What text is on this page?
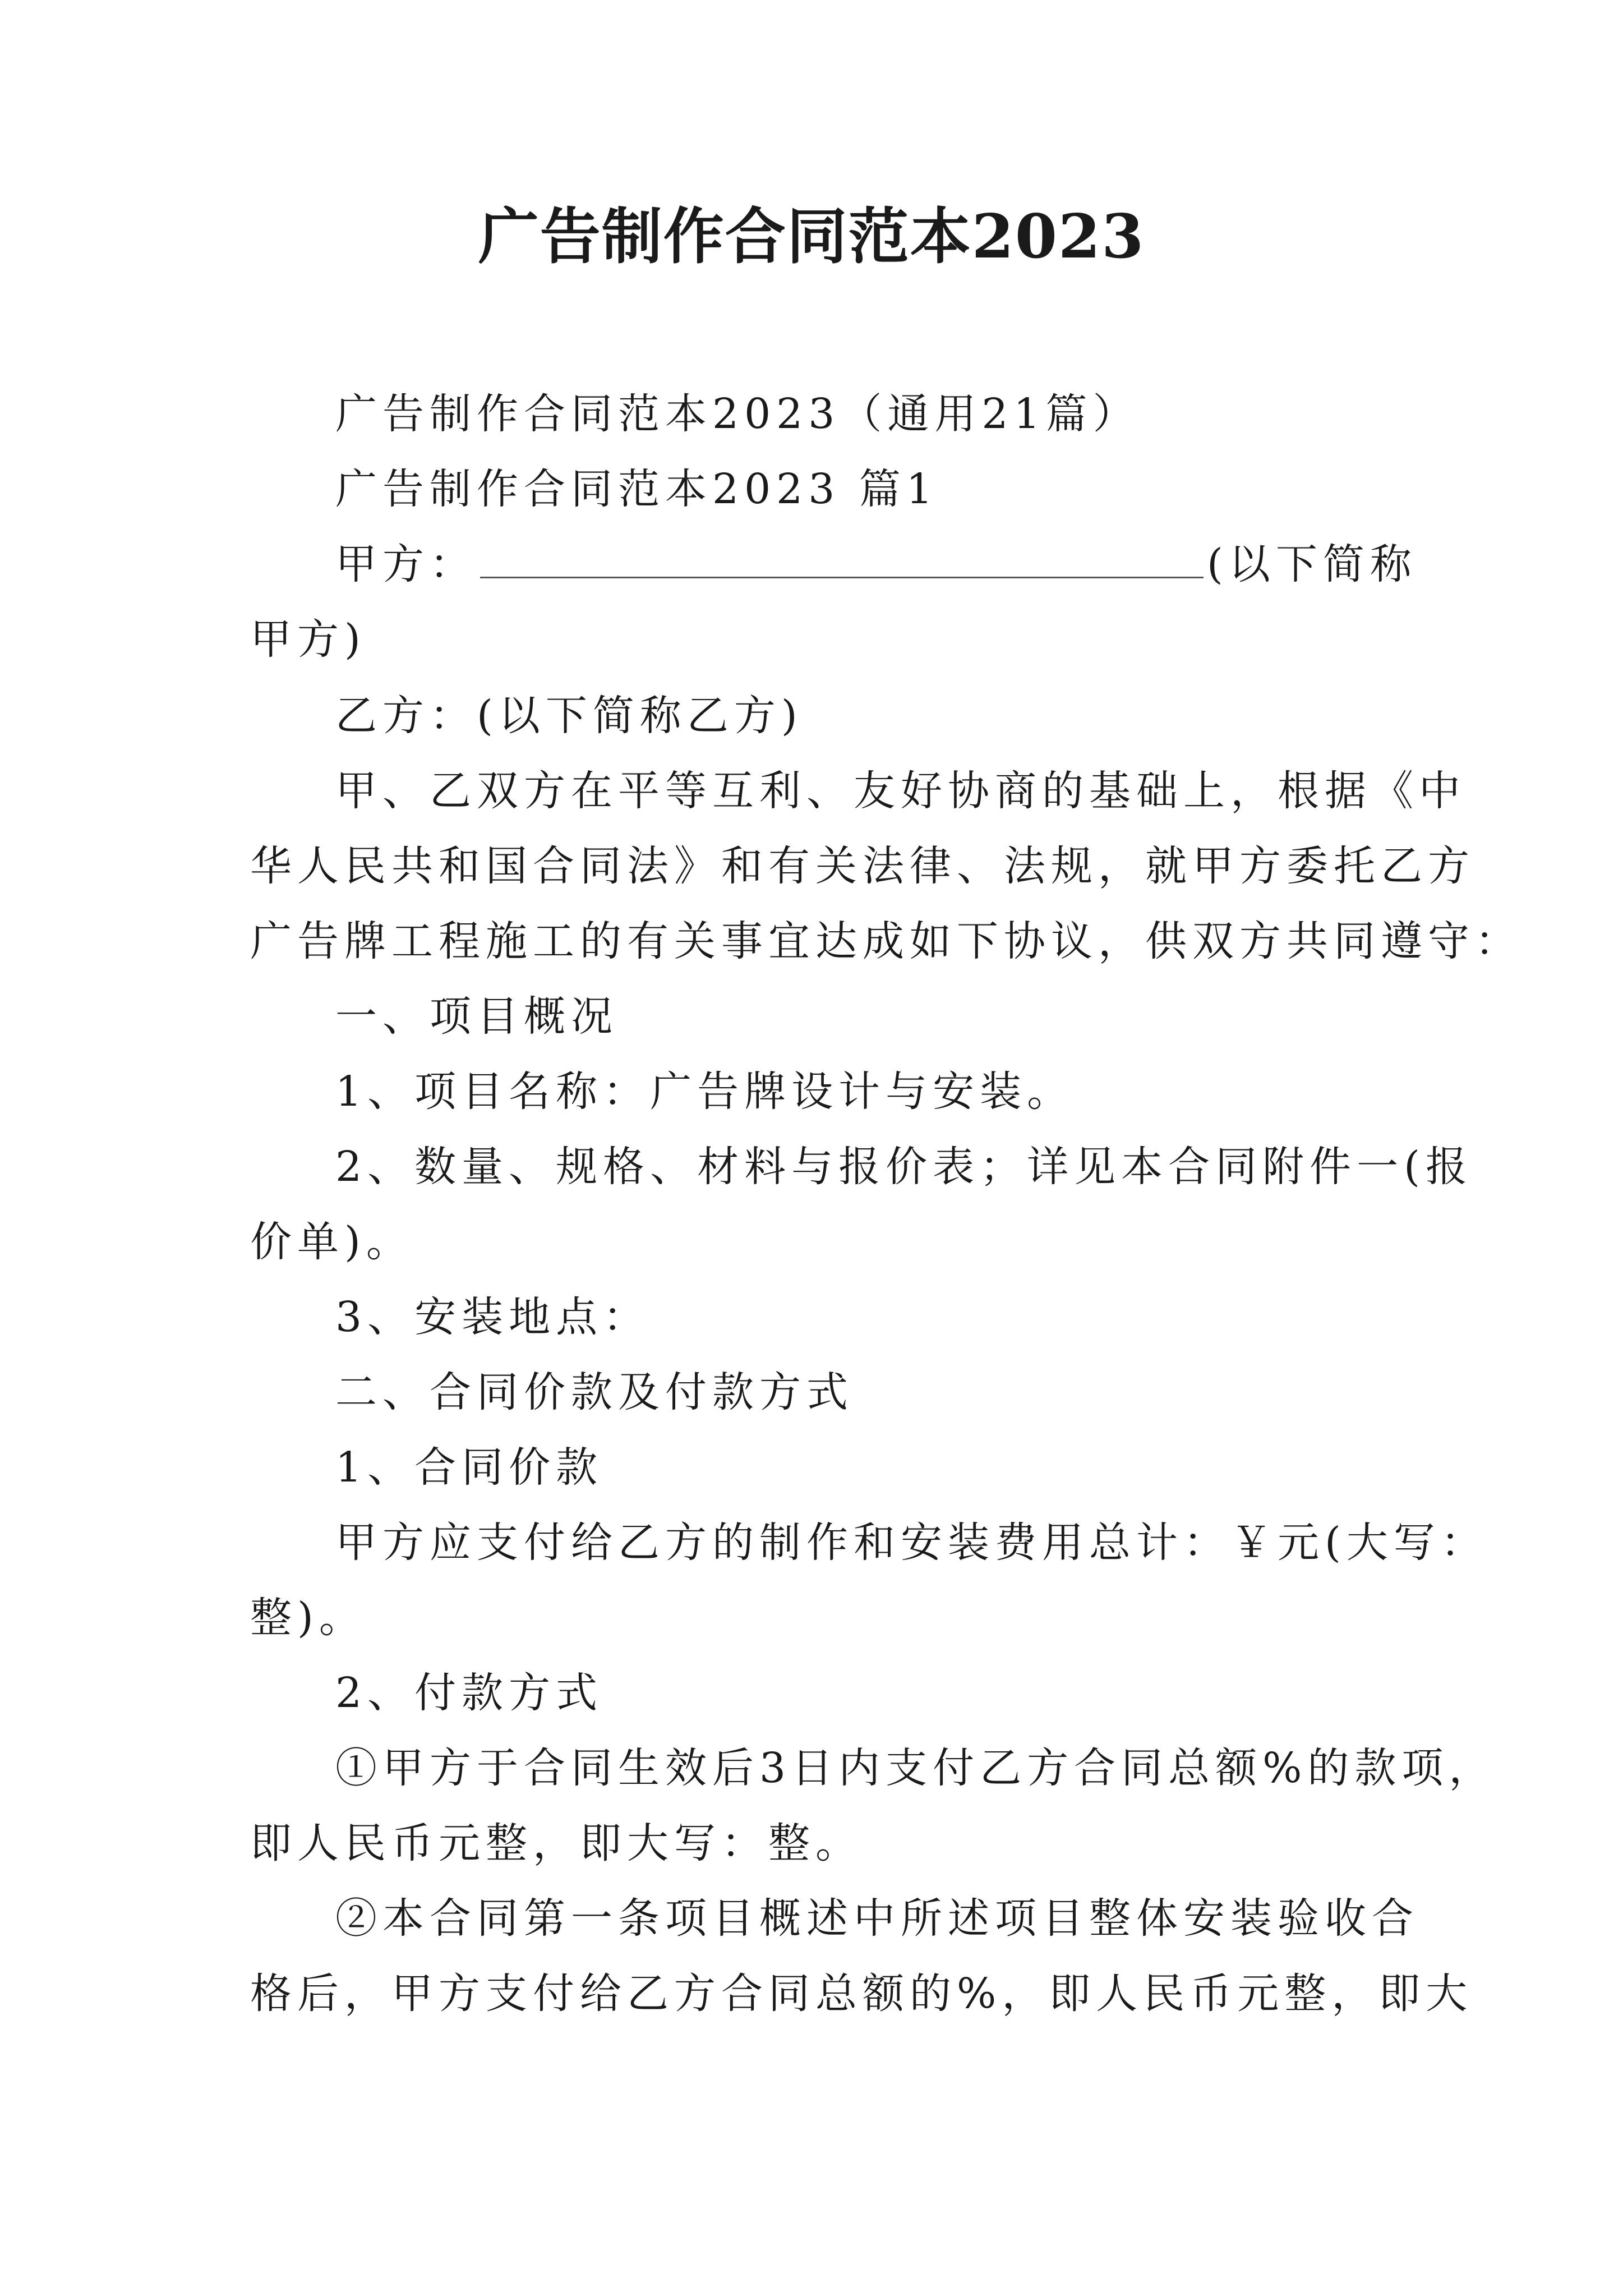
广告制作合同范本2023
广告制作合同范本2023（通用21篇）
广告制作合同范本2023 篇1
甲方：	(以下简称
甲方)
乙方：(以下简称乙方)
甲、乙双方在平等互利、友好协商的基础上，根据《中
华人民共和国合同法》和有关法律、法规，就甲方委托乙方
广告牌工程施工的有关事宜达成如下协议，供双方共同遵守：
一、项目概况
1、项目名称：广告牌设计与安装。
2、数量、规格、材料与报价表；详见本合同附件一(报
价单)。
3、安装地点：
二、合同价款及付款方式
1、合同价款
甲方应支付给乙方的制作和安装费用总计：￥元(大写：
整)。
2、付款方式
①甲方于合同生效后3日内支付乙方合同总额%的款项，
即人民币元整，即大写：整。
②本合同第一条项目概述中所述项目整体安装验收合
格后，甲方支付给乙方合同总额的%，即人民币元整，即大
